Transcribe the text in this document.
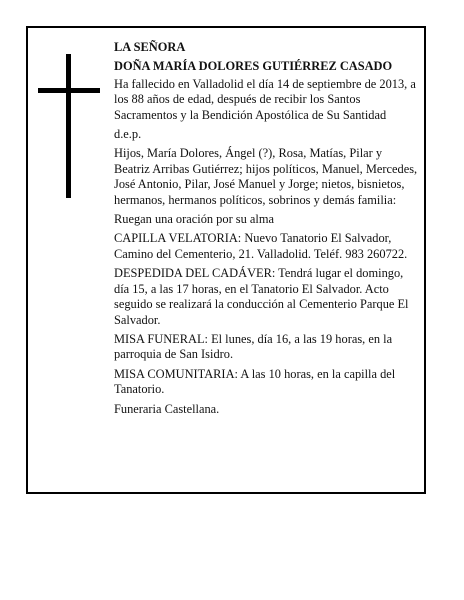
LA SEÑORA

DOÑA MARÍA DOLORES GUTIÉRREZ CASADO

Ha fallecido en Valladolid el día 14 de septiembre de 2013, a los 88 años de edad, después de recibir los Santos Sacramentos y la Bendición Apostólica de Su Santidad

d.e.p.

Hijos, María Dolores, Ángel (?), Rosa, Matías, Pilar y Beatriz Arribas Gutiérrez; hijos políticos, Manuel, Mercedes, José Antonio, Pilar, José Manuel y Jorge; nietos, bisnietos, hermanos, hermanos políticos, sobrinos y demás familia:

Ruegan una oración por su alma

CAPILLA VELATORIA: Nuevo Tanatorio El Salvador, Camino del Cementerio, 21. Valladolid. Teléf. 983 260722.

DESPEDIDA DEL CADÁVER: Tendrá lugar el domingo, día 15, a las 17 horas, en el Tanatorio El Salvador. Acto seguido se realizará la conducción al Cementerio Parque El Salvador.

MISA FUNERAL: El lunes, día 16, a las 19 horas, en la parroquia de San Isidro.

MISA COMUNITARIA: A las 10 horas, en la capilla del Tanatorio.

Funeraria Castellana.
